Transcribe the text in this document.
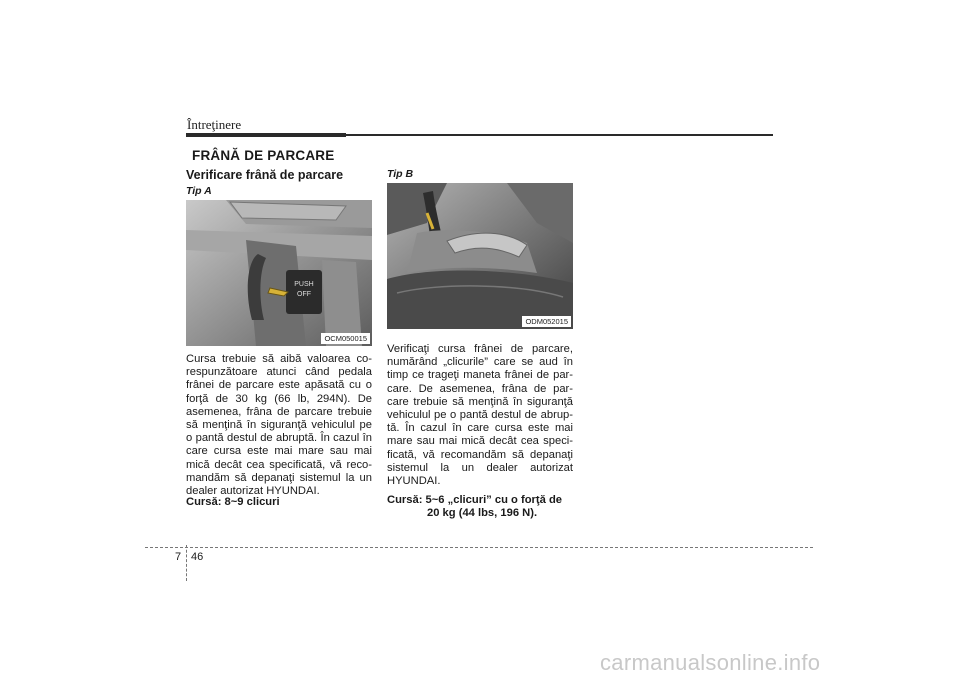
Întreţinere
FRÂNĂ DE PARCARE
Verificare frână de parcare
Tip A
PUSH
OFF
OCM050015
Cursa trebuie să aibă valoarea co-respunzătoare atunci când pedala frânei de parcare este apăsată cu o forţă de 30 kg (66 lb, 294N). De asemenea, frâna de parcare trebuie să menţină în siguranţă vehiculul pe o pantă destul de abruptă. În cazul în care cursa este mai mare sau mai mică decât cea specificată, vă reco-mandăm să depanaţi sistemul la un dealer autorizat HYUNDAI.
Cursă: 8~9 clicuri
Tip B
ODM052015
Verificaţi cursa frânei de parcare, numărând „clicurile” care se aud în timp ce trageţi maneta frânei de par-care. De asemenea, frâna de par-care trebuie să menţină în siguranţă vehiculul pe o pantă destul de abrup-tă. În cazul în care cursa este mai mare sau mai mică decât cea speci-ficată, vă recomandăm să depanaţi sistemul la un dealer autorizat HYUNDAI.
Cursă: 5~6 „clicuri” cu o forţă de
20 kg (44 lbs, 196 N).
7 46
carmanualsonline.info
